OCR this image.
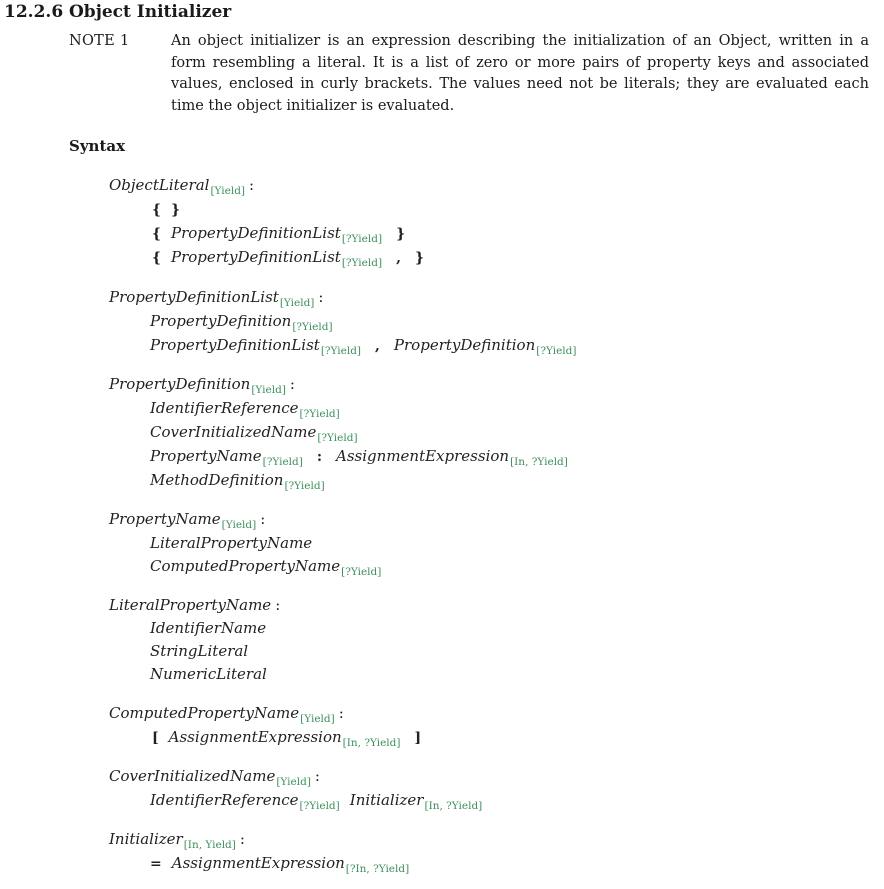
12.2.6 Object Initializer
NOTE 1	An object initializer is an expression describing the initialization of an Object, written in a form resembling a literal. It is a list of zero or more pairs of property keys and associated values, enclosed in curly brackets. The values need not be literals; they are evaluated each time the object initializer is evaluated.
Syntax
ObjectLiteral$_{[Yield]}$ :
{ }
{ PropertyDefinitionList$_{[?Yield]}$ }
{ PropertyDefinitionList$_{[?Yield]}$ , }
PropertyDefinitionList$_{[Yield]}$ :
PropertyDefinition$_{[?Yield]}$
PropertyDefinitionList$_{[?Yield]}$ , PropertyDefinition$_{[?Yield]}$
PropertyDefinition$_{[Yield]}$ :
IdentifierReference$_{[?Yield]}$
CoverInitializedName$_{[?Yield]}$
PropertyName$_{[?Yield]}$ : AssignmentExpression$_{[In, ?Yield]}$
MethodDefinition$_{[?Yield]}$
PropertyName$_{[Yield]}$ :
LiteralPropertyName
ComputedPropertyName$_{[?Yield]}$
LiteralPropertyName :
IdentifierName
StringLiteral
NumericLiteral
ComputedPropertyName$_{[Yield]}$ :
[ AssignmentExpression$_{[In, ?Yield]}$ ]
CoverInitializedName$_{[Yield]}$ :
IdentifierReference$_{[?Yield]}$ Initializer$_{[In, ?Yield]}$
Initializer$_{[In, Yield]}$ :
= AssignmentExpression$_{[?In, ?Yield]}$
